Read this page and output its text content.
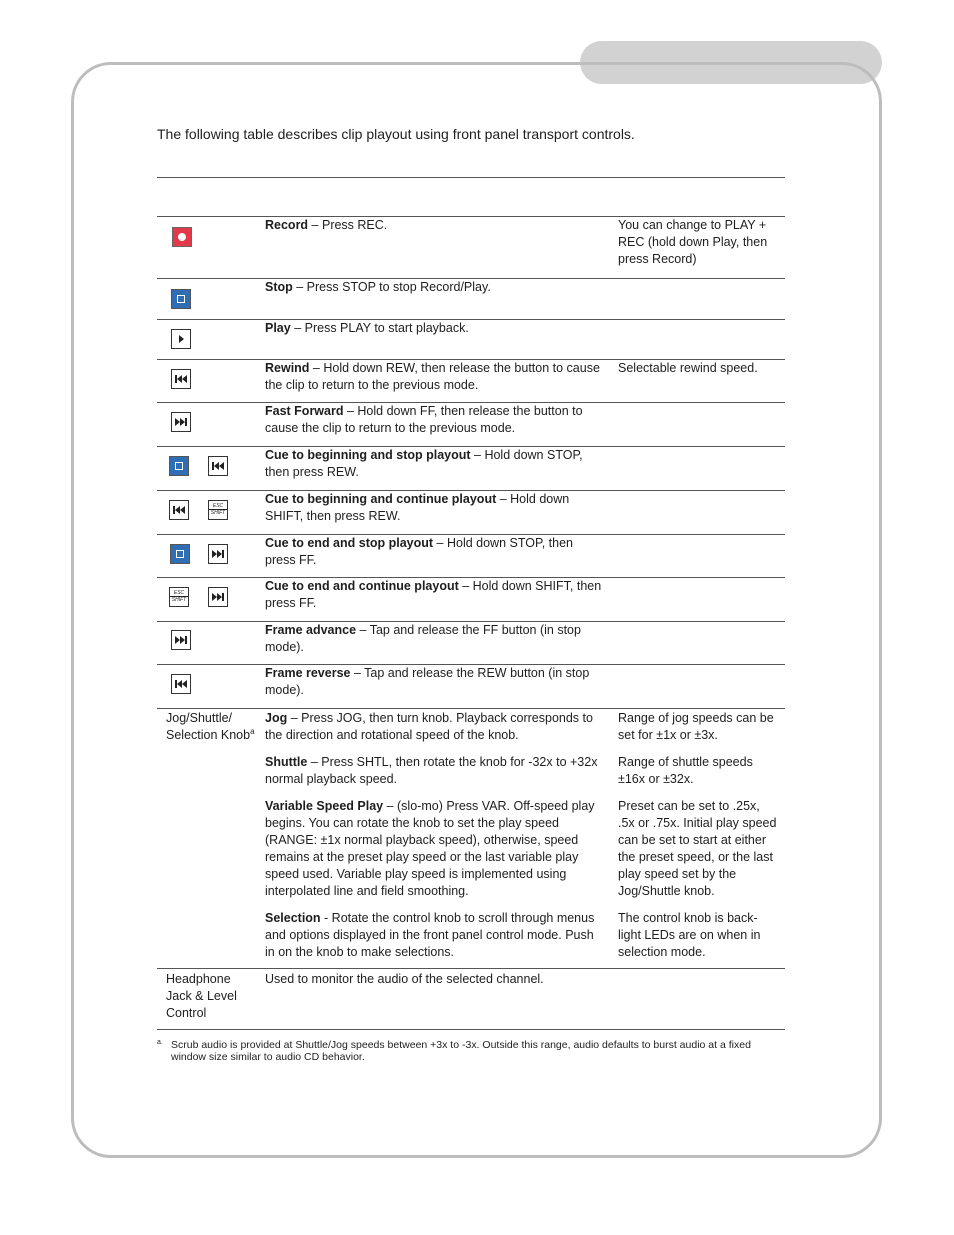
The following table describes clip playout using front panel transport controls.
Record – Press REC.	You can change to PLAY + REC (hold down Play, then press Record)
Stop – Press STOP to stop Record/Play.
Play – Press PLAY to start playback.
Rewind – Hold down REW, then release the button to cause the clip to return to the previous mode.
Selectable rewind speed.
Fast Forward – Hold down FF, then release the button to cause the clip to return to the previous mode.
Cue to beginning and stop playout – Hold down STOP, then press REW.
ESC
SHIFT
Cue to beginning and continue playout – Hold down SHIFT, then press REW.
Cue to end and stop playout – Hold down STOP, then press FF.
ESC
SHIFT
Cue to end and continue playout – Hold down SHIFT, then press FF.
Frame advance – Tap and release the FF button (in stop mode).
Frame reverse – Tap and release the REW button (in stop mode).
Jog/Shuttle/ Selection Knob$^a$
Jog – Press JOG, then turn knob. Playback corresponds to the direction and rotational speed of the knob.
Range of jog speeds can be set for ±1x or ±3x.
Shuttle – Press SHTL, then rotate the knob for -32x to +32x normal playback speed.
Range of shuttle speeds ±16x or ±32x.
Variable Speed Play – (slo-mo) Press VAR. Off-speed play begins. You can rotate the knob to set the play speed (RANGE: ±1x normal playback speed), otherwise, speed remains at the preset play speed or the last variable play speed used. Variable play speed is implemented using interpolated line and field smoothing.
Preset can be set to .25x, .5x or .75x. Initial play speed can be set to start at either the preset speed, or the last play speed set by the Jog/Shuttle knob.
Selection - Rotate the control knob to scroll through menus and options displayed in the front panel control mode. Push in on the knob to make selections.
The control knob is back-light LEDs are on when in selection mode.
Headphone Jack & Level Control
Used to monitor the audio of the selected channel.
a. Scrub audio is provided at Shuttle/Jog speeds between +3x to -3x. Outside this range, audio defaults to burst audio at a fixed window size similar to audio CD behavior.
